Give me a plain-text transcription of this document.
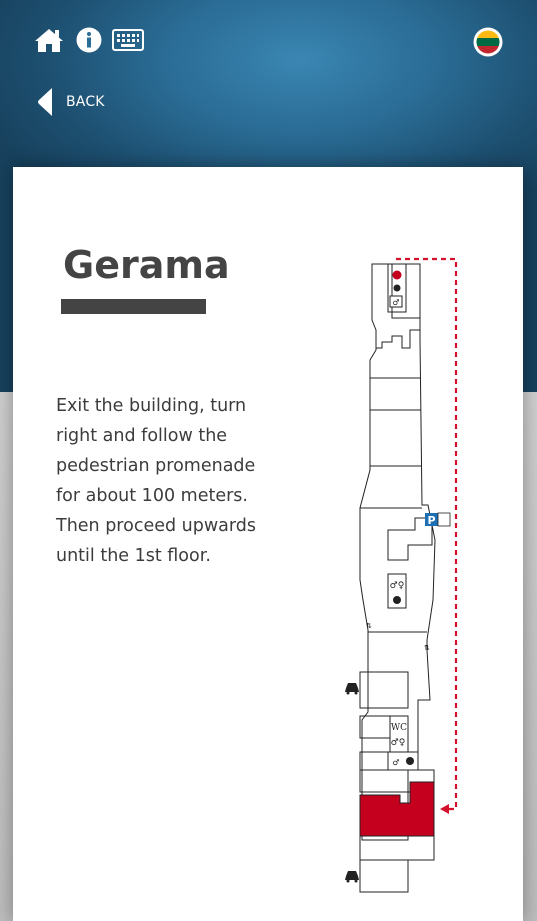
BACK
Gerama
Exit the building, turn right and follow the pedestrian promenade for about 100 meters. Then proceed upwards until the 1st floor.
♂
P
♂♀
⇅
⇅
WC
♂♀
♂
